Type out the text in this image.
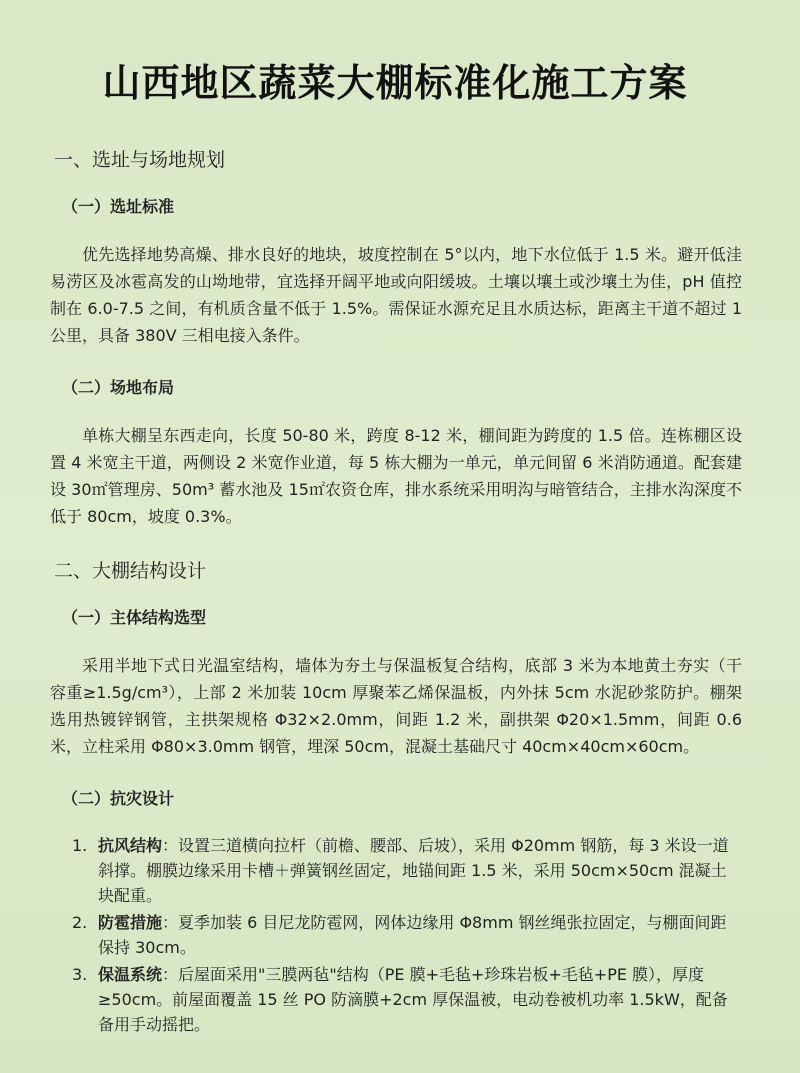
山西地区蔬菜大棚标准化施工方案
一、选址与场地规划
（一）选址标准

优先选择地势高燥、排水良好的地块，坡度控制在 5°以内，地下水位低于 1.5 米。避开低洼易涝区及冰雹高发的山坳地带，宜选择开阔平地或向阳缓坡。土壤以壤土或沙壤土为佳，pH 值控制在 6.0-7.5 之间，有机质含量不低于 1.5%。需保证水源充足且水质达标，距离主干道不超过 1 公里，具备 380V 三相电接入条件。

（二）场地布局

单栋大棚呈东西走向，长度 50-80 米，跨度 8-12 米，棚间距为跨度的 1.5 倍。连栋棚区设置 4 米宽主干道，两侧设 2 米宽作业道，每 5 栋大棚为一单元，单元间留 6 米消防通道。配套建设 30㎡管理房、50m³ 蓄水池及 15㎡农资仓库，排水系统采用明沟与暗管结合，主排水沟深度不低于 80cm，坡度 0.3%。

二、大棚结构设计
（一）主体结构选型

采用半地下式日光温室结构，墙体为夯土与保温板复合结构，底部 3 米为本地黄土夯实（干容重≥1.5g/cm³），上部 2 米加装 10cm 厚聚苯乙烯保温板，内外抹 5cm 水泥砂浆防护。棚架选用热镀锌钢管，主拱架规格 Φ32×2.0mm，间距 1.2 米，副拱架 Φ20×1.5mm，间距 0.6 米，立柱采用 Φ80×3.0mm 钢管，埋深 50cm，混凝土基础尺寸 40cm×40cm×60cm。

（二）抗灾设计
1. 抗风结构：设置三道横向拉杆（前檐、腰部、后坡），采用 Φ20mm 钢筋，每 3 米设一道斜撑。棚膜边缘采用卡槽＋弹簧钢丝固定，地锚间距 1.5 米，采用 50cm×50cm 混凝土块配重。
2. 防雹措施：夏季加装 6 目尼龙防雹网，网体边缘用 Φ8mm 钢丝绳张拉固定，与棚面间距保持 30cm。
3. 保温系统：后屋面采用"三膜两毡"结构（PE 膜+毛毡+珍珠岩板+毛毡+PE 膜），厚度≥50cm。前屋面覆盖 15 丝 PO 防滴膜+2cm 厚保温被，电动卷被机功率 1.5kW，配备备用手动摇把。
